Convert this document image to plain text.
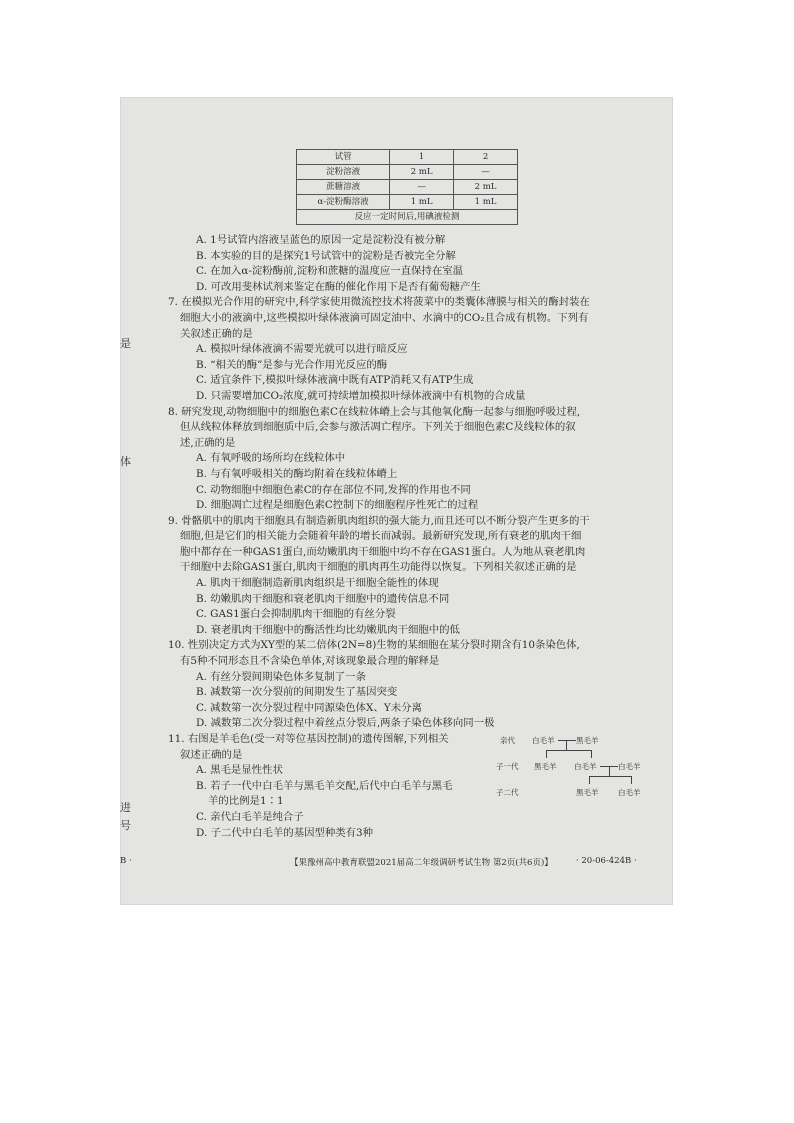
是
体
进
号
试管	1	2
淀粉溶液	2 mL	—
蔗糖溶液	—	2 mL
α-淀粉酶溶液	1 mL	1 mL
反应一定时间后,用碘液检测		
A. 1号试管内溶液呈蓝色的原因一定是淀粉没有被分解
B. 本实验的目的是探究1号试管中的淀粉是否被完全分解
C. 在加入α-淀粉酶前,淀粉和蔗糖的温度应一直保持在室温
D. 可改用斐林试剂来鉴定在酶的催化作用下是否有葡萄糖产生
7. 在模拟光合作用的研究中,科学家使用微流控技术将菠菜中的类囊体薄膜与相关的酶封装在
细胞大小的液滴中,这些模拟叶绿体液滴可固定油中、水滴中的CO₂且合成有机物。下列有
关叙述正确的是
A. 模拟叶绿体液滴不需要光就可以进行暗反应
B. “相关的酶”是参与光合作用光反应的酶
C. 适宜条件下,模拟叶绿体液滴中既有ATP消耗又有ATP生成
D. 只需要增加CO₂浓度,就可持续增加模拟叶绿体液滴中有机物的合成量
8. 研究发现,动物细胞中的细胞色素C在线粒体嵴上会与其他氧化酶一起参与细胞呼吸过程,
但从线粒体释放到细胞质中后,会参与激活凋亡程序。下列关于细胞色素C及线粒体的叙
述,正确的是
A. 有氧呼吸的场所均在线粒体中
B. 与有氧呼吸相关的酶均附着在线粒体嵴上
C. 动物细胞中细胞色素C的存在部位不同,发挥的作用也不同
D. 细胞凋亡过程是细胞色素C控制下的细胞程序性死亡的过程
9. 骨骼肌中的肌肉干细胞具有制造新肌肉组织的强大能力,而且还可以不断分裂产生更多的干
细胞,但是它们的相关能力会随着年龄的增长而减弱。最新研究发现,所有衰老的肌肉干细
胞中都存在一种GAS1蛋白,而幼嫩肌肉干细胞中均不存在GAS1蛋白。人为地从衰老肌肉
干细胞中去除GAS1蛋白,肌肉干细胞的肌肉再生功能得以恢复。下列相关叙述正确的是
A. 肌肉干细胞制造新肌肉组织是干细胞全能性的体现
B. 幼嫩肌肉干细胞和衰老肌肉干细胞中的遗传信息不同
C. GAS1蛋白会抑制肌肉干细胞的有丝分裂
D. 衰老肌肉干细胞中的酶活性均比幼嫩肌肉干细胞中的低
10. 性别决定方式为XY型的某二倍体(2N=8)生物的某细胞在某分裂时期含有10条染色体,
有5种不同形态且不含染色单体,对该现象最合理的解释是
A. 有丝分裂间期染色体多复制了一条
B. 减数第一次分裂前的间期发生了基因突变
C. 减数第一次分裂过程中同源染色体X、Y未分离
D. 减数第二次分裂过程中着丝点分裂后,两条子染色体移向同一极
11. 右图是羊毛色(受一对等位基因控制)的遗传图解,下列相关
叙述正确的是
A. 黑毛是显性性状
B. 若子一代中白毛羊与黑毛羊交配,后代中白毛羊与黑毛
羊的比例是1∶1
C. 亲代白毛羊是纯合子
D. 子二代中白毛羊的基因型种类有3种
亲代 白毛羊	黑毛羊
子一代 黑毛羊 白毛羊	白毛羊
子二代	黑毛羊	白毛羊
B ·	【果豫州高中教育联盟2021届高二年级调研考试生物 第2页(共6页)】	· 20-06-424B ·
